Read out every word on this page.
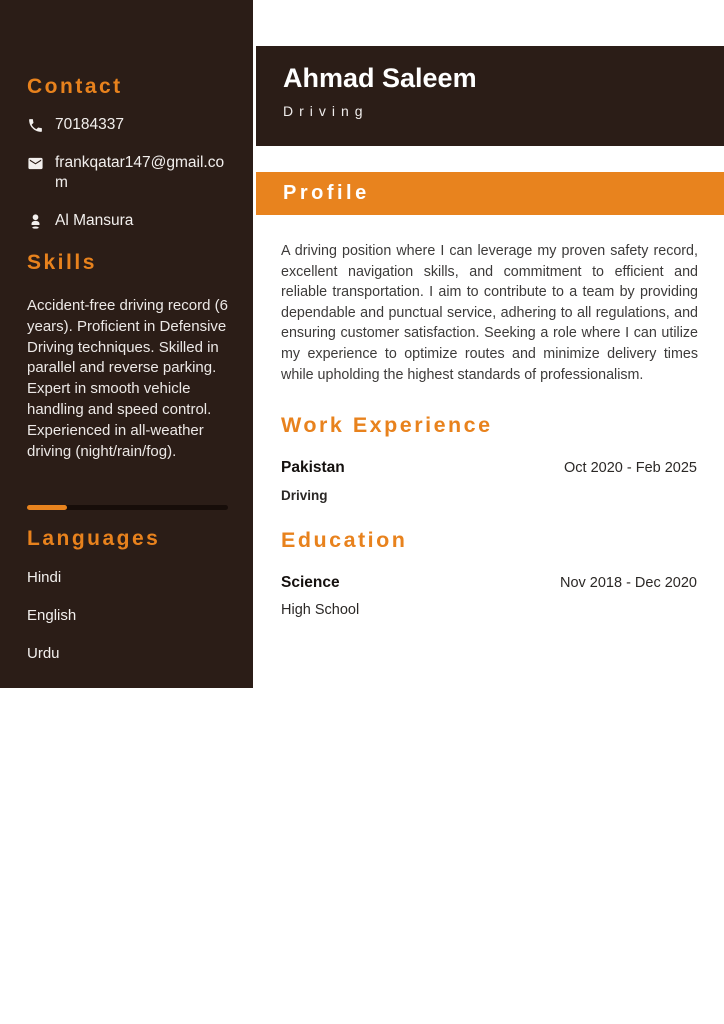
Contact
70184337
frankqatar147@gmail.com
Al Mansura
Skills
Accident-free driving record (6 years). Proficient in Defensive Driving techniques. Skilled in parallel and reverse parking. Expert in smooth vehicle handling and speed control. Experienced in all-weather driving (night/rain/fog).
Languages
Hindi
English
Urdu
Ahmad Saleem
Driving
Profile

A driving position where I can leverage my proven safety record, excellent navigation skills, and commitment to efficient and reliable transportation. I aim to contribute to a team by providing dependable and punctual service, adhering to all regulations, and ensuring customer satisfaction. Seeking a role where I can utilize my experience to optimize routes and minimize delivery times while upholding the highest standards of professionalism.

Work Experience
Pakistan	Oct 2020 - Feb 2025
Driving
Education
Science	Nov 2018 - Dec 2020
High School
